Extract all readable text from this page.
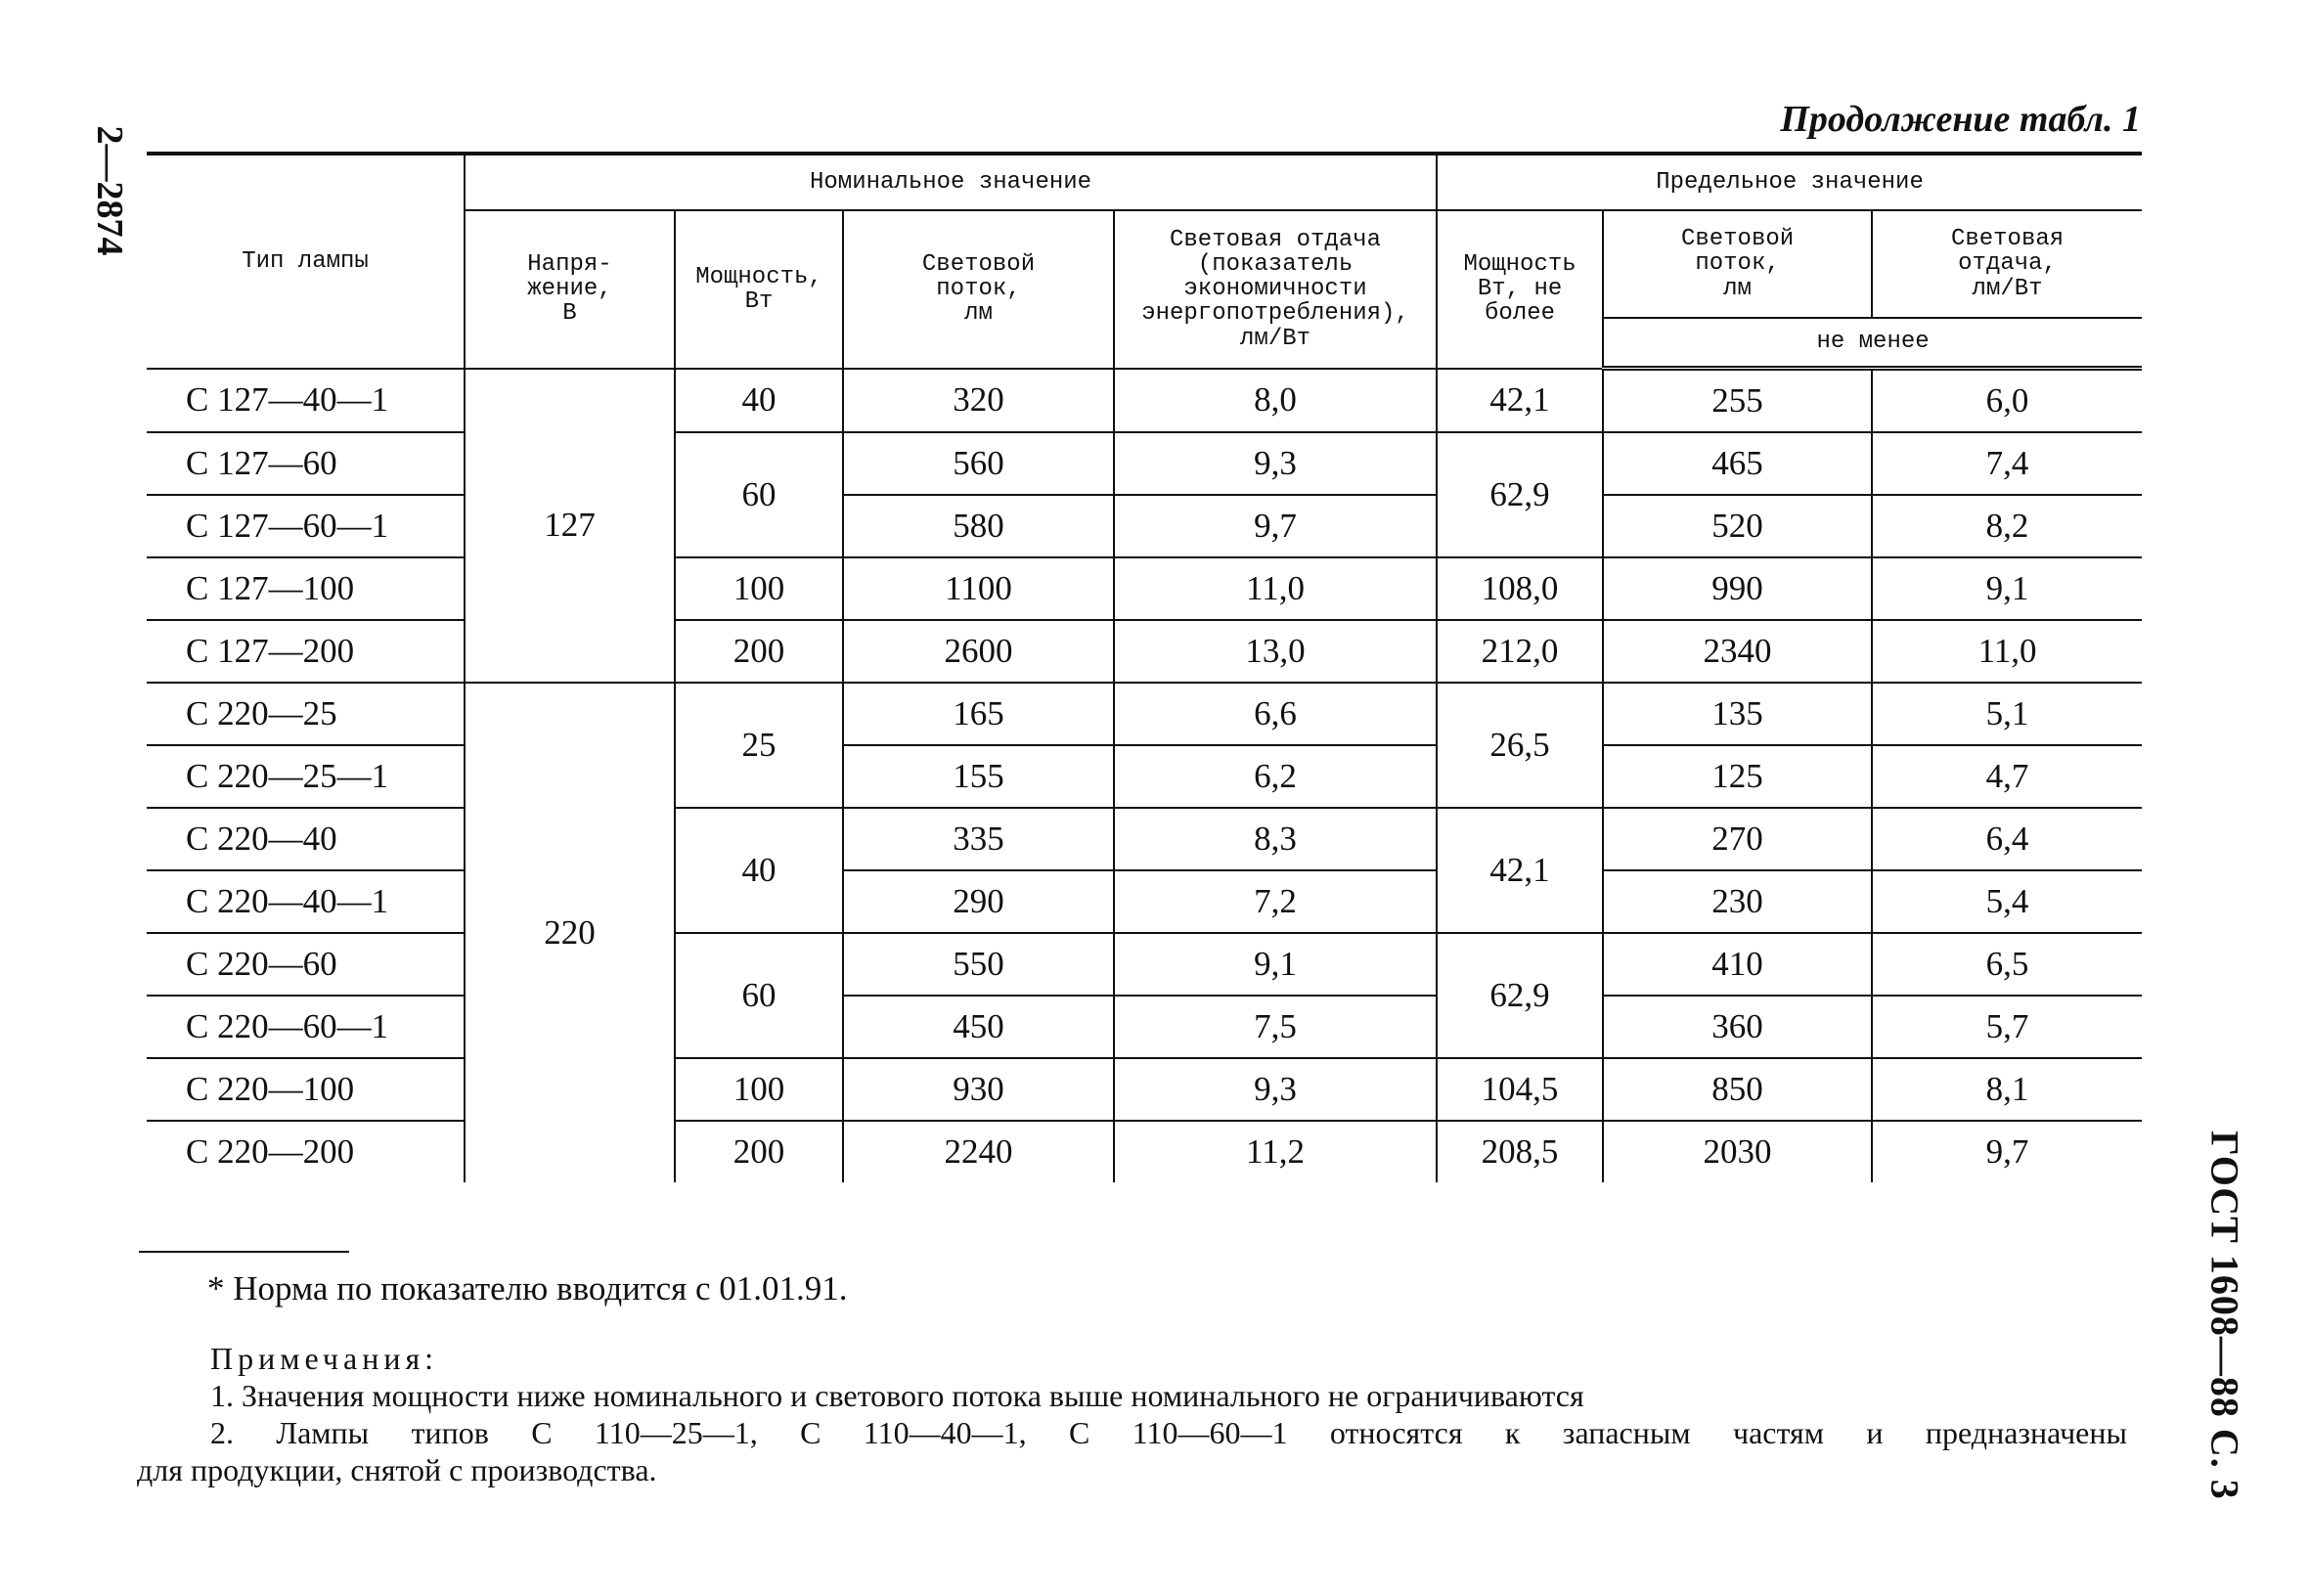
2—2874
ГОСТ 1608—88 С. 3
Продолжение табл. 1
Тип лампы	Номинальное значение				Предельное значение		
	Напря-
жение,
В	Мощность,
Вт	Световой
поток,
лм	Световая отдача
(показатель
экономичности
энергопотребления),
лм/Вт	Мощность
Вт, не
более	Световой
поток,
лм	Световая
отдача,
лм/Вт
						не менее	
С 127—40—1	127	40	320	8,0	42,1	255	6,0
С 127—60		60	560	9,3	62,9	465	7,4
С 127—60—1			580	9,7		520	8,2
С 127—100		100	1100	11,0	108,0	990	9,1
С 127—200		200	2600	13,0	212,0	2340	11,0
С 220—25	220	25	165	6,6	26,5	135	5,1
С 220—25—1			155	6,2		125	4,7
С 220—40		40	335	8,3	42,1	270	6,4
С 220—40—1			290	7,2		230	5,4
С 220—60		60	550	9,1	62,9	410	6,5
С 220—60—1			450	7,5		360	5,7
С 220—100		100	930	9,3	104,5	850	8,1
С 220—200		200	2240	11,2	208,5	2030	9,7
* Норма по показателю вводится с 01.01.91.
Примечания:
1. Значения мощности ниже номинального и светового потока выше номинального не ограничиваются
2. Лампы типов С 110—25—1, С 110—40—1, С 110—60—1 относятся к запасным частям и предназначены
для продукции, снятой с производства.
